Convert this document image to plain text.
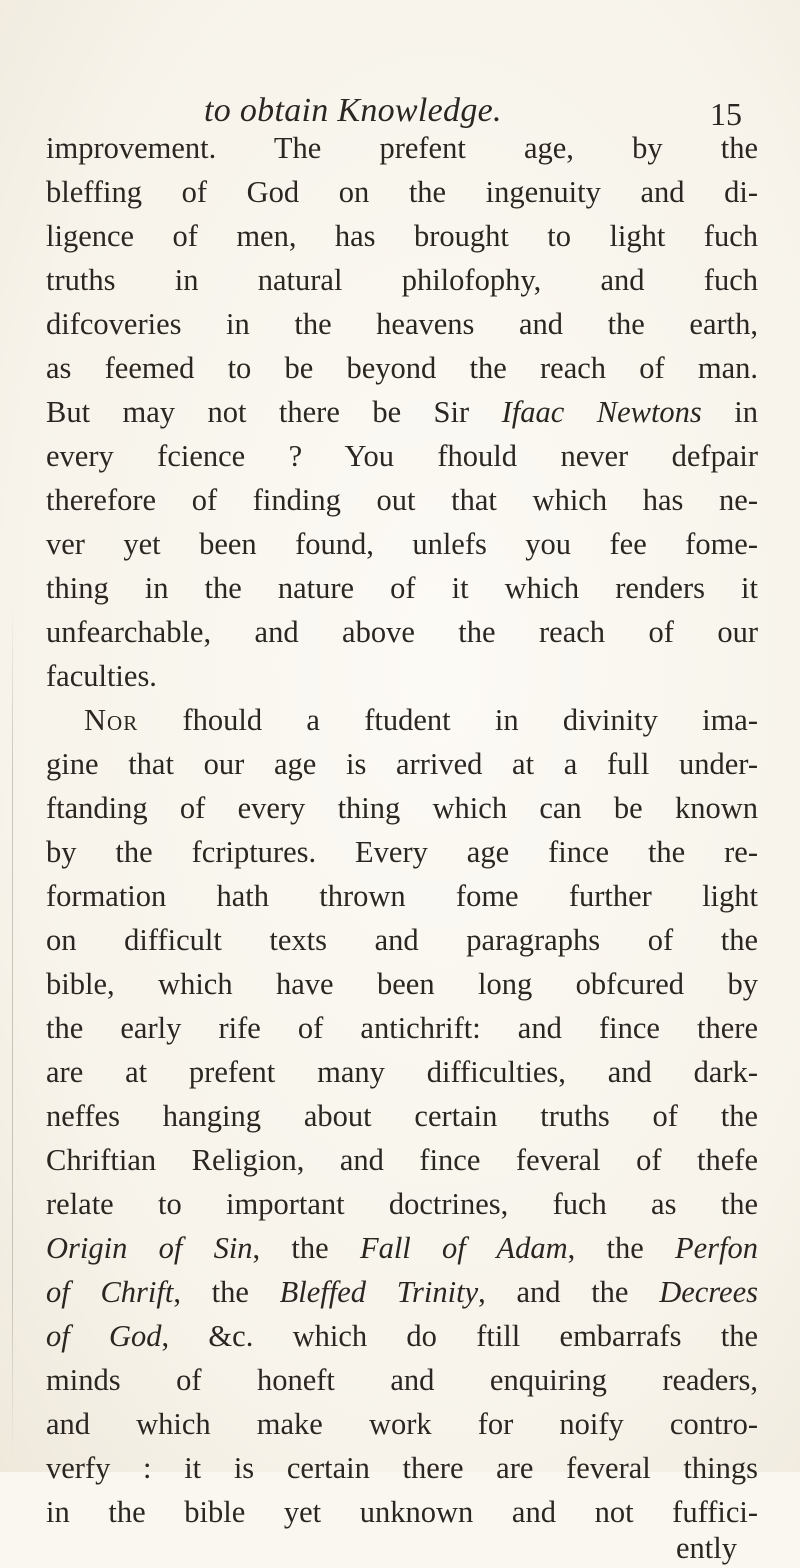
to obtain Knowledge.	15
improvement. The prefent age, by the
bleffing of God on the ingenuity and di-
ligence of men, has brought to light fuch
truths in natural philofophy, and fuch
difcoveries in the heavens and the earth,
as feemed to be beyond the reach of man.
But may not there be Sir Ifaac Newtons in
every fcience ? You fhould never defpair
therefore of finding out that which has ne-
ver yet been found, unlefs you fee fome-
thing in the nature of it which renders it
unfearchable, and above the reach of our
faculties.
Nor fhould a ftudent in divinity ima-
gine that our age is arrived at a full under-
ftanding of every thing which can be known
by the fcriptures. Every age fince the re-
formation hath thrown fome further light
on difficult texts and paragraphs of the
bible, which have been long obfcured by
the early rife of antichrift: and fince there
are at prefent many difficulties, and dark-
neffes hanging about certain truths of the
Chriftian Religion, and fince feveral of thefe
relate to important doctrines, fuch as the
Origin of Sin, the Fall of Adam, the Perfon
of Chrift, the Bleffed Trinity, and the Decrees
of God, &c. which do ftill embarrafs the
minds of honeft and enquiring readers,
and which make work for noify contro-
verfy : it is certain there are feveral things
in the bible yet unknown and not fuffici-
ently
